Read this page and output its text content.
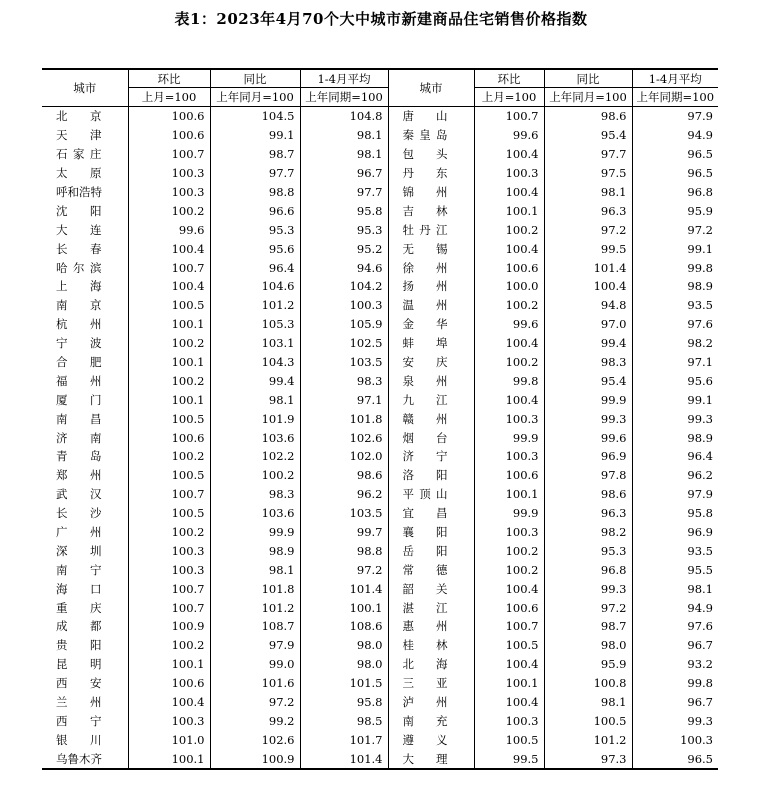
表1：2023年4月70个大中城市新建商品住宅销售价格指数
城市	环比	同比	1-4月平均	城市	环比	同比	1-4月平均
	上月=100	上年同月=100	上年同期=100		上月=100	上年同月=100	上年同期=100
北　京	100.6	104.5	104.8	唐　山	100.7	98.6	97.9
天　津	100.6	99.1	98.1	秦皇岛	99.6	95.4	94.9
石家庄	100.7	98.7	98.1	包　头	100.4	97.7	96.5
太　原	100.3	97.7	96.7	丹　东	100.3	97.5	96.5
呼和浩特	100.3	98.8	97.7	锦　州	100.4	98.1	96.8
沈　阳	100.2	96.6	95.8	吉　林	100.1	96.3	95.9
大　连	99.6	95.3	95.3	牡丹江	100.2	97.2	97.2
长　春	100.4	95.6	95.2	无　锡	100.4	99.5	99.1
哈尔滨	100.7	96.4	94.6	徐　州	100.6	101.4	99.8
上　海	100.4	104.6	104.2	扬　州	100.0	100.4	98.9
南　京	100.5	101.2	100.3	温　州	100.2	94.8	93.5
杭　州	100.1	105.3	105.9	金　华	99.6	97.0	97.6
宁　波	100.2	103.1	102.5	蚌　埠	100.4	99.4	98.2
合　肥	100.1	104.3	103.5	安　庆	100.2	98.3	97.1
福　州	100.2	99.4	98.3	泉　州	99.8	95.4	95.6
厦　门	100.1	98.1	97.1	九　江	100.4	99.9	99.1
南　昌	100.5	101.9	101.8	赣　州	100.3	99.3	99.3
济　南	100.6	103.6	102.6	烟　台	99.9	99.6	98.9
青　岛	100.2	102.2	102.0	济　宁	100.3	96.9	96.4
郑　州	100.5	100.2	98.6	洛　阳	100.6	97.8	96.2
武　汉	100.7	98.3	96.2	平顶山	100.1	98.6	97.9
长　沙	100.5	103.6	103.5	宜　昌	99.9	96.3	95.8
广　州	100.2	99.9	99.7	襄　阳	100.3	98.2	96.9
深　圳	100.3	98.9	98.8	岳　阳	100.2	95.3	93.5
南　宁	100.3	98.1	97.2	常　德	100.2	96.8	95.5
海　口	100.7	101.8	101.4	韶　关	100.4	99.3	98.1
重　庆	100.7	101.2	100.1	湛　江	100.6	97.2	94.9
成　都	100.9	108.7	108.6	惠　州	100.7	98.7	97.6
贵　阳	100.2	97.9	98.0	桂　林	100.5	98.0	96.7
昆　明	100.1	99.0	98.0	北　海	100.4	95.9	93.2
西　安	100.6	101.6	101.5	三　亚	100.1	100.8	99.8
兰　州	100.4	97.2	95.8	泸　州	100.4	98.1	96.7
西　宁	100.3	99.2	98.5	南　充	100.3	100.5	99.3
银　川	101.0	102.6	101.7	遵　义	100.5	101.2	100.3
乌鲁木齐	100.1	100.9	101.4	大　理	99.5	97.3	96.5
